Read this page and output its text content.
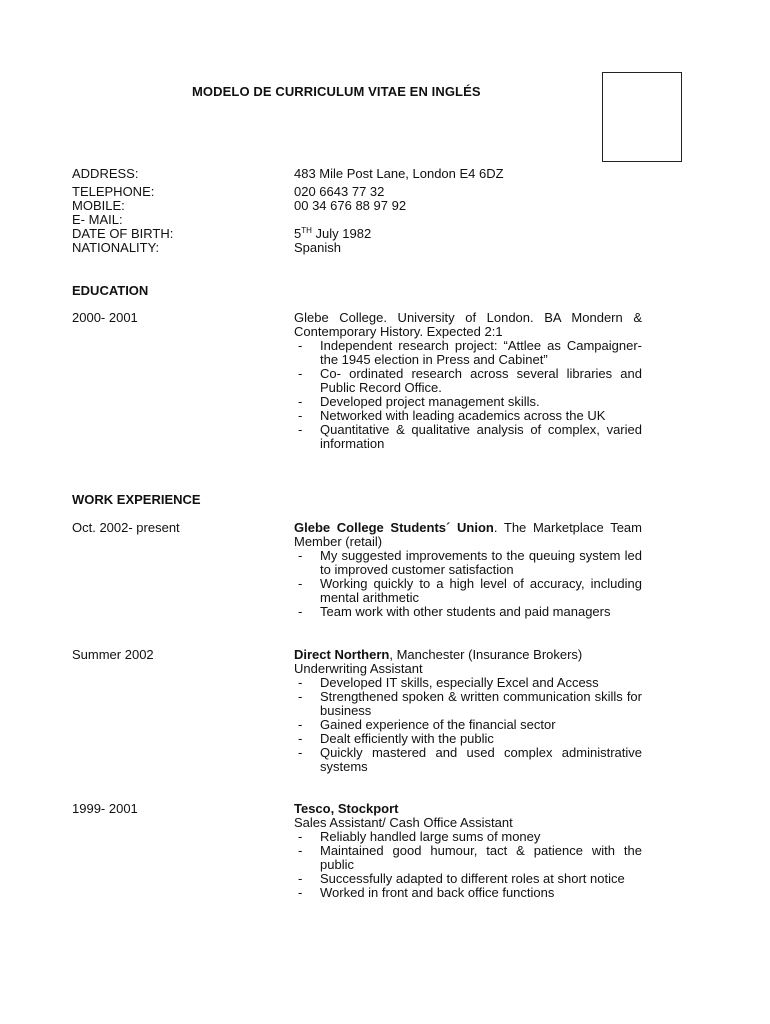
MODELO DE CURRICULUM VITAE EN INGLÉS
ADDRESS:	483 Mile Post Lane, London E4 6DZ
TELEPHONE:	020 6643 77 32
MOBILE:	00 34 676 88 97 92
E- MAIL:
DATE OF BIRTH:	5TH July 1982
NATIONALITY:	Spanish
EDUCATION
2000- 2001	Glebe College. University of London. BA Mondern & Contemporary History. Expected 2:1
- Independent research project: “Attlee as Campaigner- the 1945 election in Press and Cabinet”
- Co- ordinated research across several libraries and Public Record Office.
- Developed project management skills.
- Networked with leading academics across the UK
- Quantitative & qualitative analysis of complex, varied information
WORK EXPERIENCE
Oct. 2002- present	Glebe College Students´ Union. The Marketplace Team Member (retail)
- My suggested improvements to the queuing system led to improved customer satisfaction
- Working quickly to a high level of accuracy, including mental arithmetic
- Team work with other students and paid managers
Summer 2002	Direct Northern, Manchester (Insurance Brokers)
Underwriting Assistant
- Developed IT skills, especially Excel and Access
- Strengthened spoken & written communication skills for business
- Gained experience of the financial sector
- Dealt efficiently with the public
- Quickly mastered and used complex administrative systems
1999- 2001	Tesco, Stockport
Sales Assistant/ Cash Office Assistant
- Reliably handled large sums of money
- Maintained good humour, tact & patience with the public
- Successfully adapted to different roles at short notice
- Worked in front and back office functions
